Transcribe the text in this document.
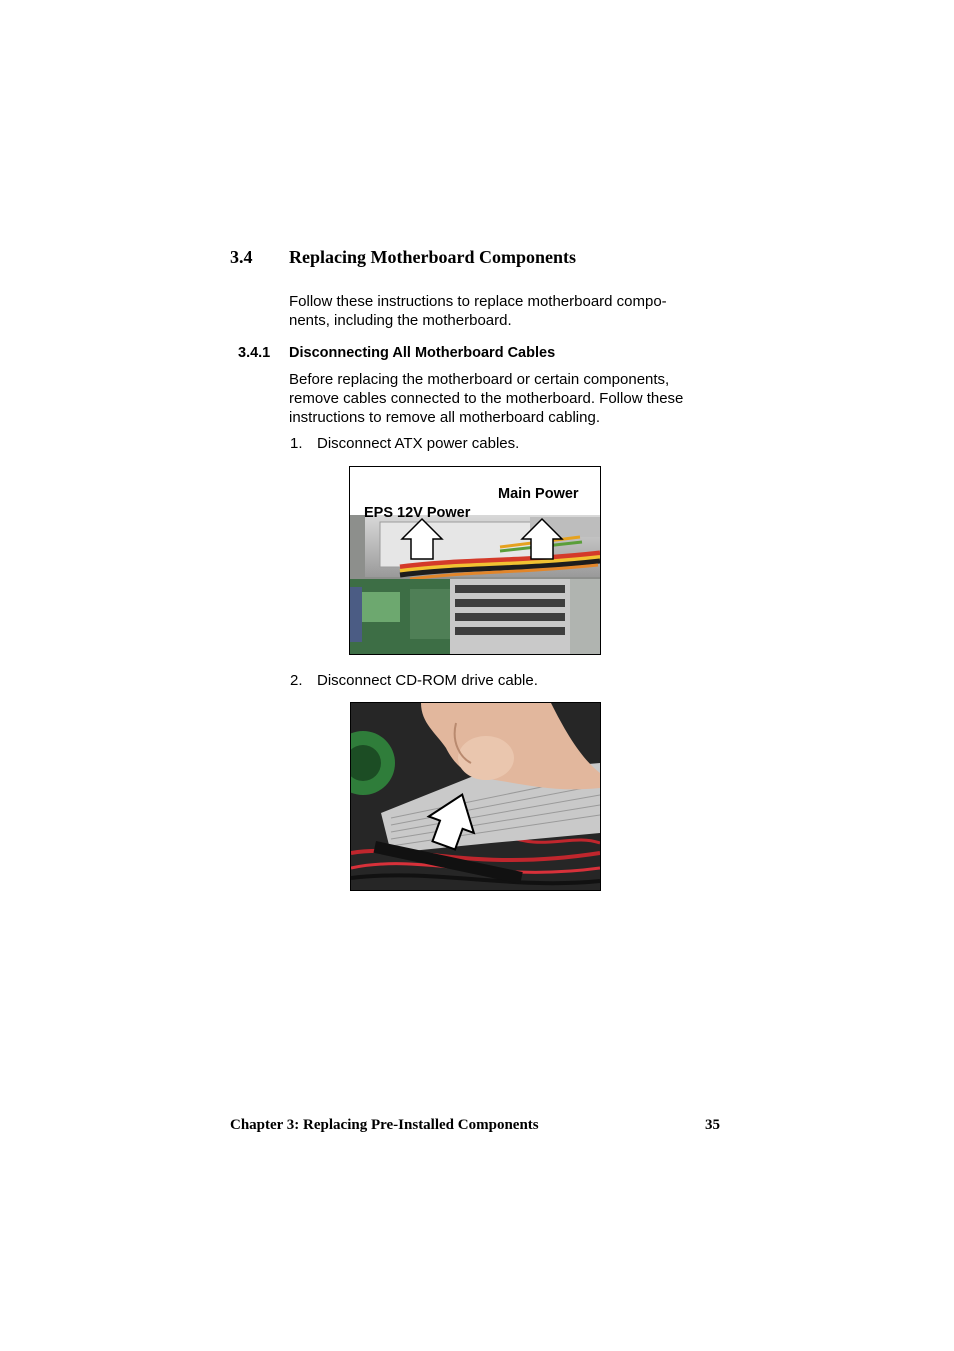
3.4 Replacing Motherboard Components
Follow these instructions to replace motherboard compo-
nents, including the motherboard.
3.4.1 Disconnecting All Motherboard Cables
Before replacing the motherboard or certain components,
remove cables connected to the motherboard. Follow these
instructions to remove all motherboard cabling.
1. Disconnect ATX power cables.
Main Power
EPS 12V Power
2. Disconnect CD-ROM drive cable.
Chapter 3: Replacing Pre-Installed Components	35
